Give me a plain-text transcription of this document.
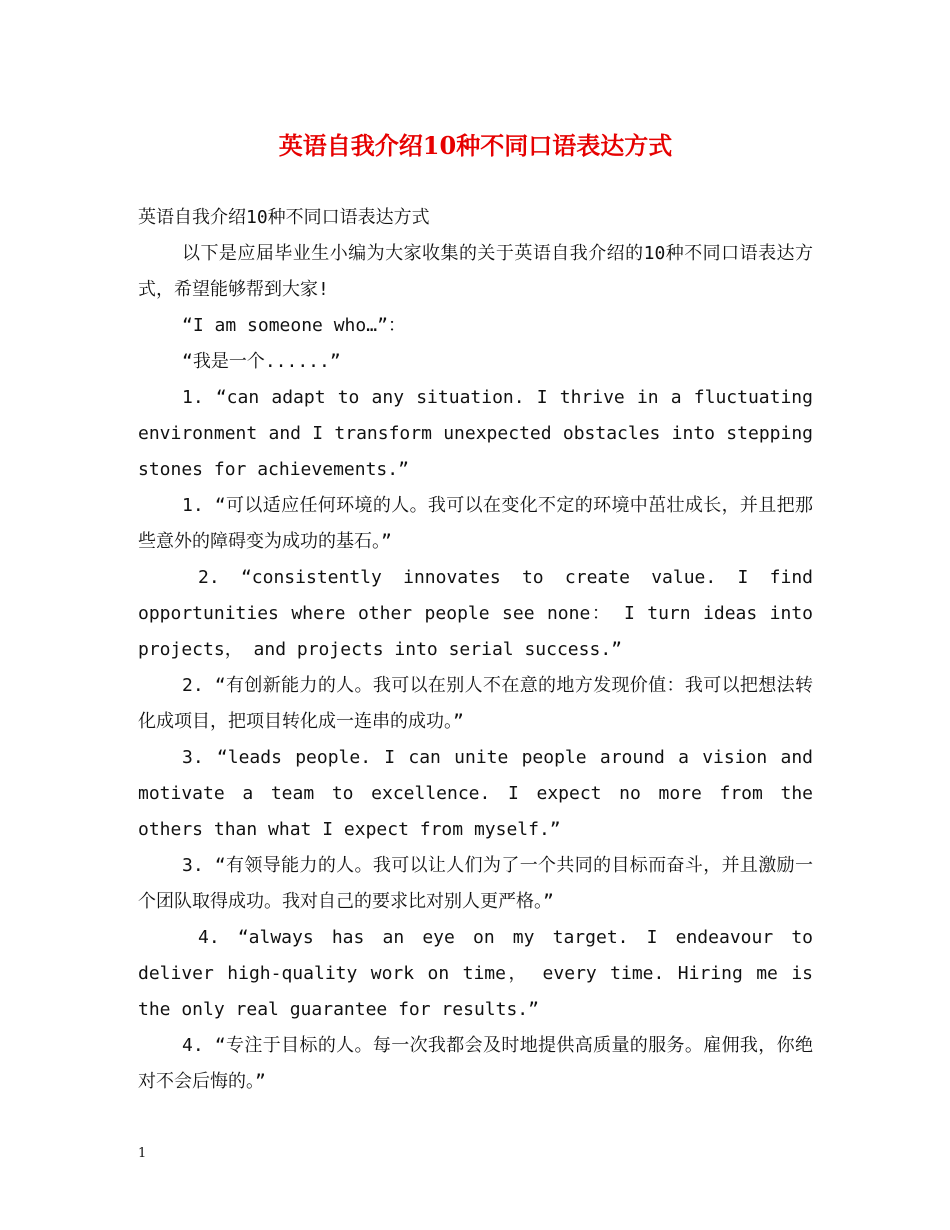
英语自我介绍10种不同口语表达方式

英语自我介绍10种不同口语表达方式

以下是应届毕业生小编为大家收集的关于英语自我介绍的10种不同口语表达方式，希望能够帮到大家!

“I am someone who…”：

“我是一个......”

1. “can adapt to any situation. I thrive in a fluctuating environment and I transform unexpected obstacles into stepping stones for achievements.”

1. “可以适应任何环境的人。我可以在变化不定的环境中茁壮成长，并且把那些意外的障碍变为成功的基石。”

2. “consistently innovates to create value. I find opportunities where other people see none： I turn ideas into projects， and projects into serial success.”

2. “有创新能力的人。我可以在别人不在意的地方发现价值：我可以把想法转化成项目，把项目转化成一连串的成功。”

3. “leads people. I can unite people around a vision and motivate a team to excellence. I expect no more from the others than what I expect from myself.”

3. “有领导能力的人。我可以让人们为了一个共同的目标而奋斗，并且激励一个团队取得成功。我对自己的要求比对别人更严格。”

4. “always has an eye on my target. I endeavour to deliver high-quality work on time， every time. Hiring me is the only real guarantee for results.”

4. “专注于目标的人。每一次我都会及时地提供高质量的服务。雇佣我，你绝对不会后悔的。”

1
